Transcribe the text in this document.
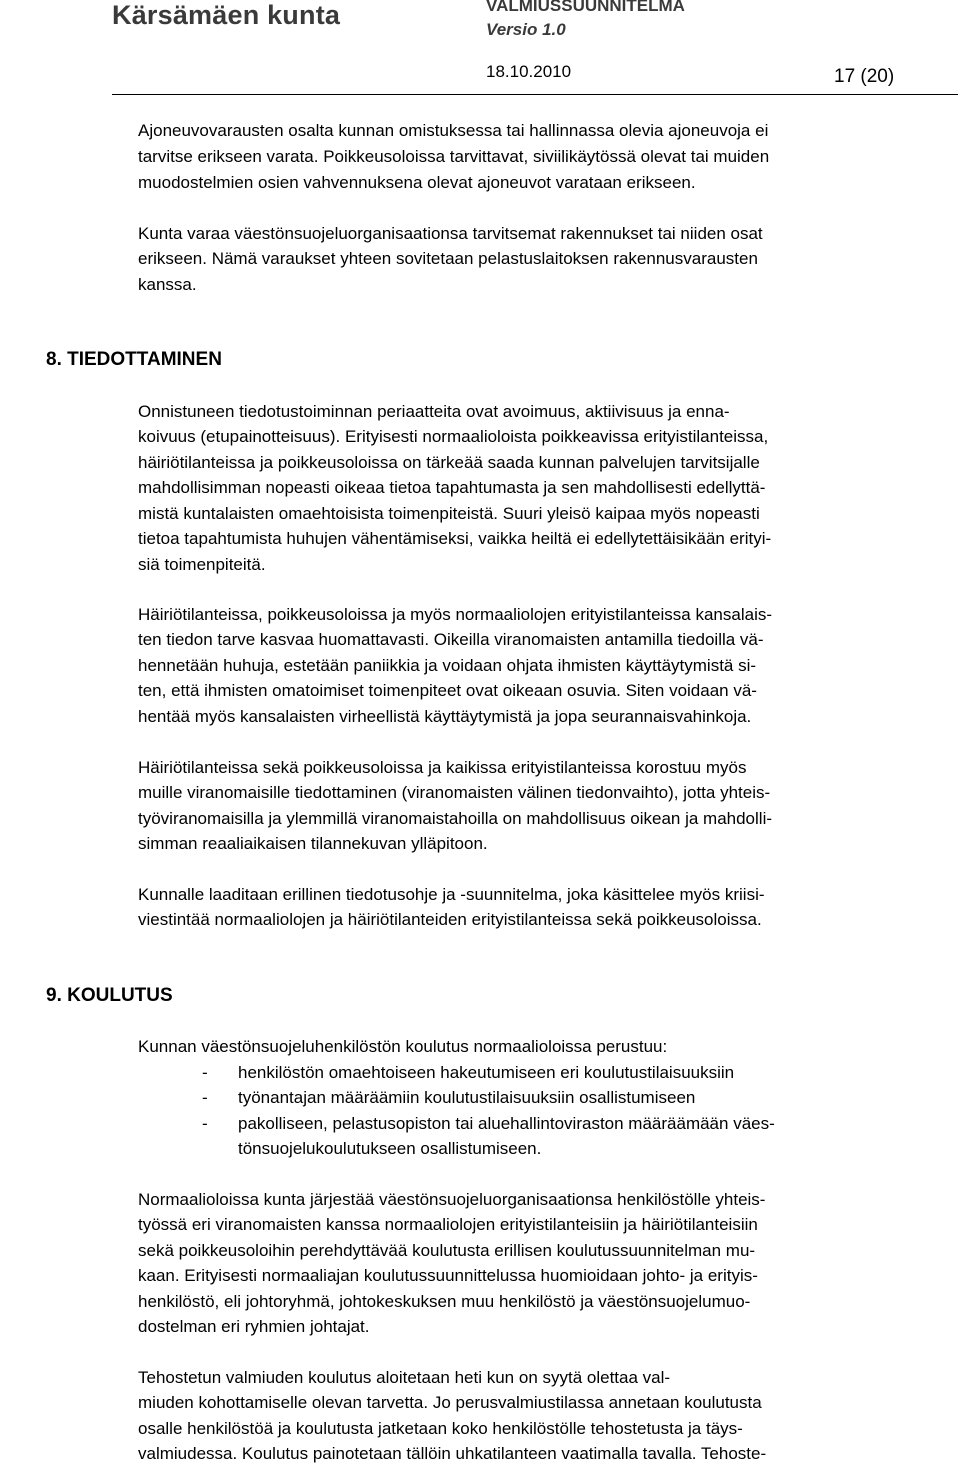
Kärsämäen kunta	VALMIUSSUUNNITELMA
Versio 1.0
18.10.2010	17 (20)
Ajoneuvovarausten osalta kunnan omistuksessa tai hallinnassa olevia ajoneuvoja ei
tarvitse erikseen varata. Poikkeusoloissa tarvittavat, siviilikäytössä olevat tai muiden
muodostelmien osien vahvennuksena olevat ajoneuvot varataan erikseen.
Kunta varaa väestönsuojeluorganisaationsa tarvitsemat rakennukset tai niiden osat
erikseen. Nämä varaukset yhteen sovitetaan pelastuslaitoksen rakennusvarausten
kanssa.
8. TIEDOTTAMINEN
Onnistuneen tiedotustoiminnan periaatteita ovat avoimuus, aktiivisuus ja ennа-
koivuus (etupainotteisuus). Erityisesti normaalioloista poikkeavissa erityistilanteissa,
häiriötilanteissa ja poikkeusoloissa on tärkeää saada kunnan palvelujen tarvitsijalle
mahdollisimman nopeasti oikeaa tietoa tapahtumasta ja sen mahdollisesti edellyttä-
mistä kuntalaisten omaehtoisista toimenpiteistä. Suuri yleisö kaipaa myös nopeasti
tietoa tapahtumista huhujen vähentämiseksi, vaikka heiltä ei edellytettäisikään erityi-
siä toimenpiteitä.
Häiriötilanteissa, poikkeusoloissa ja myös normaaliolojen erityistilanteissa kansalais-
ten tiedon tarve kasvaa huomattavasti. Oikeilla viranomaisten antamilla tiedoilla vä-
hennetään huhuja, estetään paniikkia ja voidaan ohjata ihmisten käyttäytymistä si-
ten, että ihmisten omatoimiset toimenpiteet ovat oikeaan osuvia. Siten voidaan vä-
hentää myös kansalaisten virheellistä käyttäytymistä ja jopa seurannaisvahinkoja.
Häiriötilanteissa sekä poikkeusoloissa ja kaikissa erityistilanteissa korostuu myös
muille viranomaisille tiedottaminen (viranomaisten välinen tiedonvaihto), jotta yhteis-
työviranomaisilla ja ylemmillä viranomaistahoilla on mahdollisuus oikean ja mahdolli-
simman reaaliaikaisen tilannekuvan ylläpitoon.
Kunnalle laaditaan erillinen tiedotusohje ja -suunnitelma, joka käsittelee myös kriisi-
viestintää normaaliolojen ja häiriötilanteiden erityistilanteissa sekä poikkeusoloissa.
9. KOULUTUS
Kunnan väestönsuojeluhenkilöstön koulutus normaalioloissa perustuu:
- henkilöstön omaehtoiseen hakeutumiseen eri koulutustilaisuuksiin
- työnantajan määräämiin koulutustilaisuuksiin osallistumiseen
- pakolliseen, pelastusopiston tai aluehallintoviraston määräämään väes-
tönsuojelukoulutukseen osallistumiseen.
Normaalioloissa kunta järjestää väestönsuojeluorganisaationsa henkilöstölle yhteis-
työssä eri viranomaisten kanssa normaaliolojen erityistilanteisiin ja häiriötilanteisiin
sekä poikkeusoloihin perehdyttävää koulutusta erillisen koulutussuunnitelman mu-
kaan. Erityisesti normaaliajan koulutussuunnittelussa huomioidaan johto- ja erityis-
henkilöstö, eli johtoryhmä, johtokeskuksen muu henkilöstö ja väestönsuojelumuo-
dostelman eri ryhmien johtajat.
Tehostetun valmiuden koulutus aloitetaan heti kun on syytä olettaa val-
miuden kohottamiselle olevan tarvetta. Jo perusvalmiustilassa annetaan koulutusta
osalle henkilöstöä ja koulutusta jatketaan koko henkilöstölle tehostetusta ja täys-
valmiudessa. Koulutus painotetaan tällöin uhkatilanteen vaatimalla tavalla. Tehoste-
